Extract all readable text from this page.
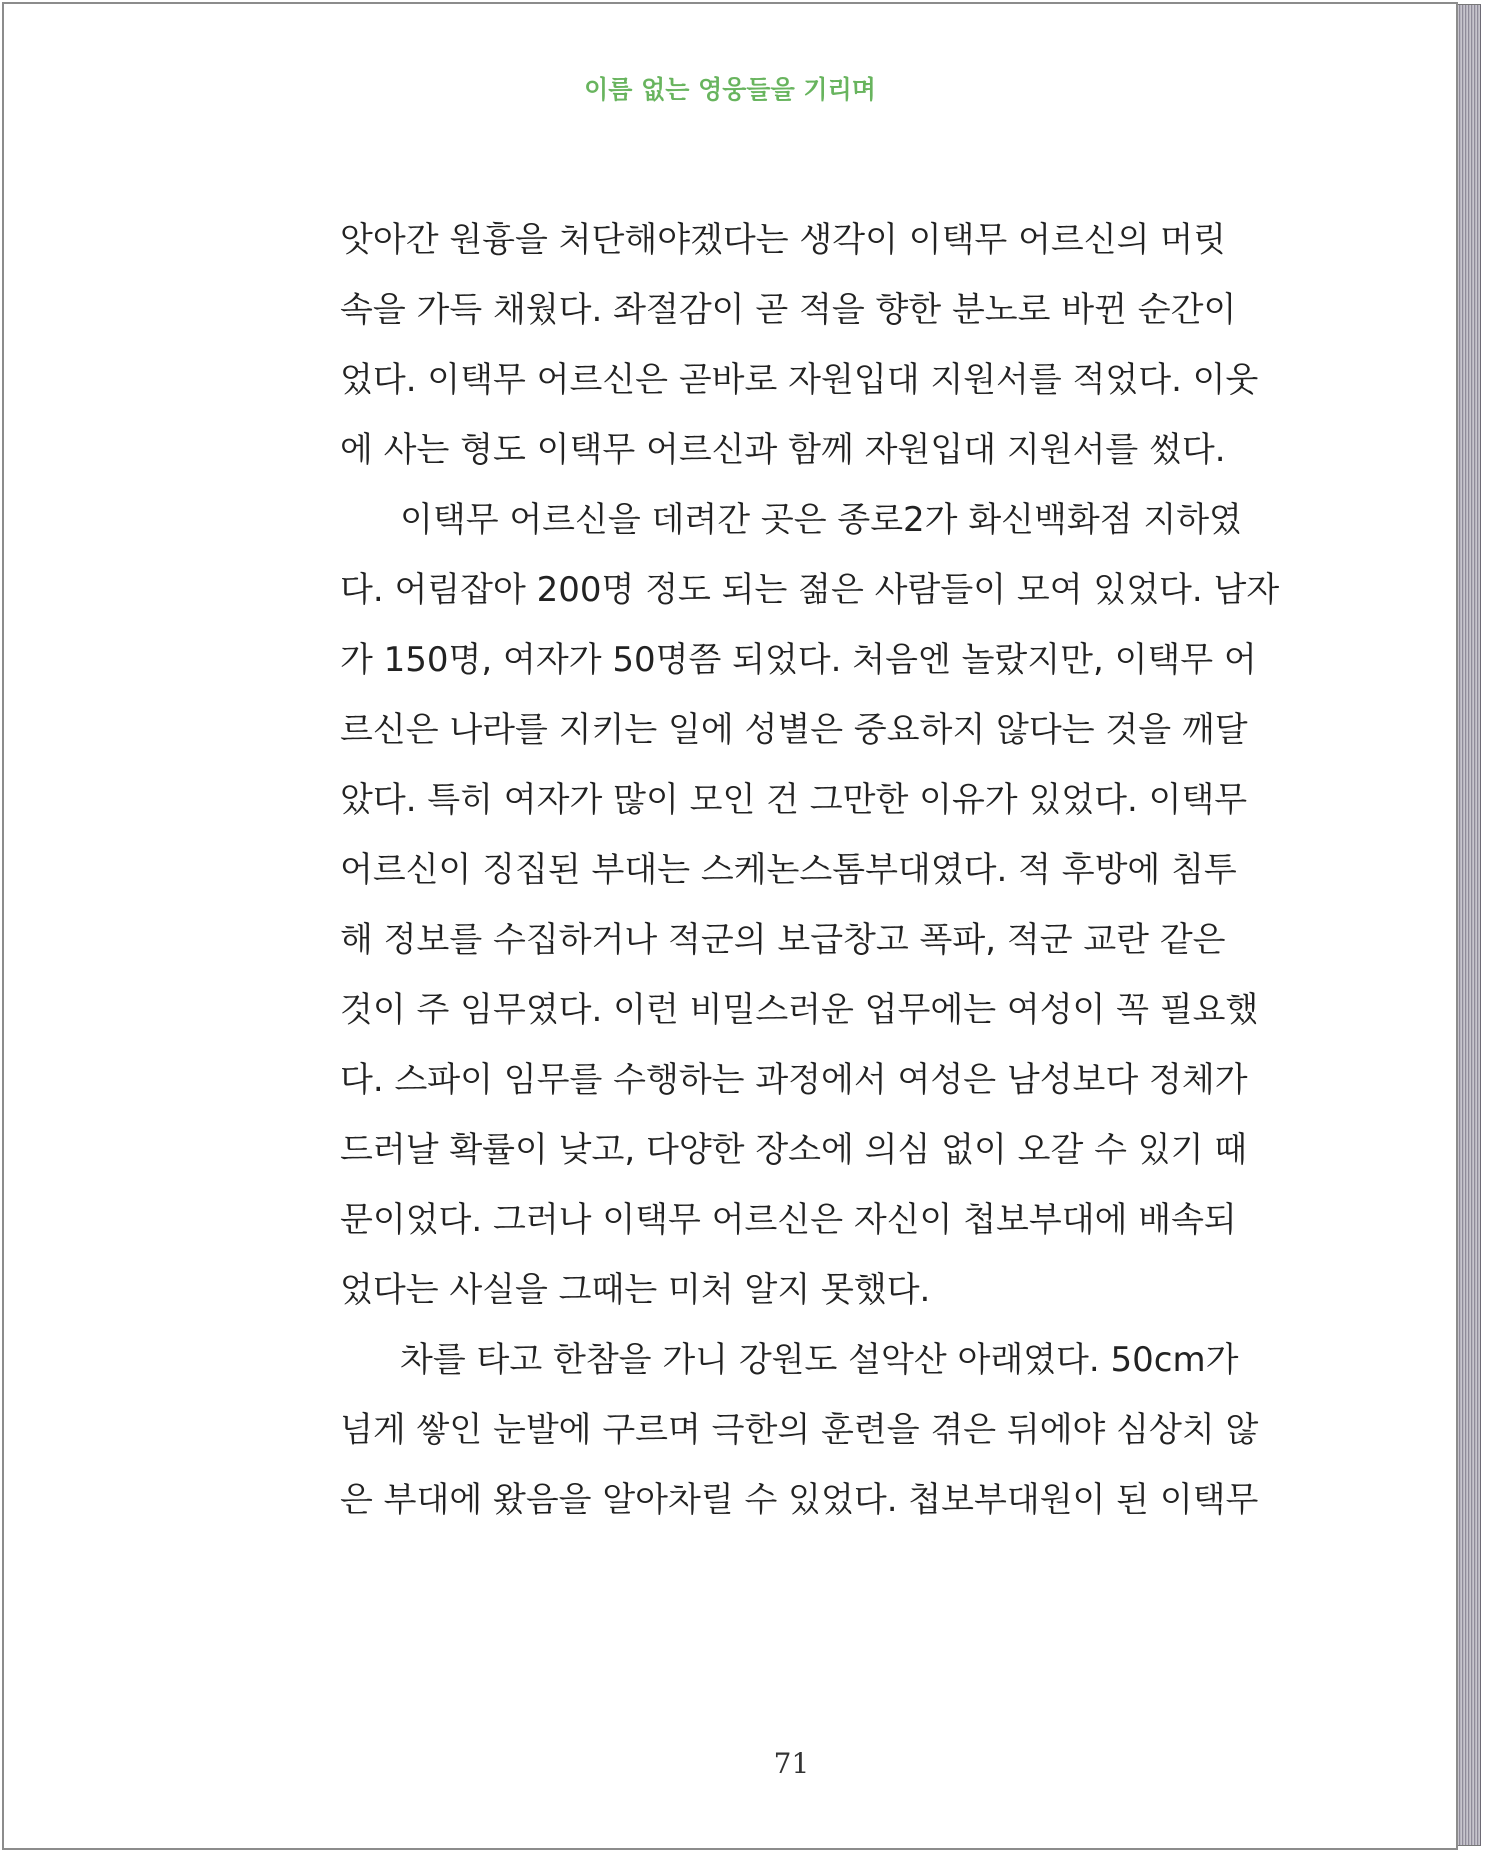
이름 없는 영웅들을 기리며
앗아간 원흉을 처단해야겠다는 생각이 이택무 어르신의 머릿
속을 가득 채웠다. 좌절감이 곧 적을 향한 분노로 바뀐 순간이
었다. 이택무 어르신은 곧바로 자원입대 지원서를 적었다. 이웃
에 사는 형도 이택무 어르신과 함께 자원입대 지원서를 썼다.
이택무 어르신을 데려간 곳은 종로2가 화신백화점 지하였
다. 어림잡아 200명 정도 되는 젊은 사람들이 모여 있었다. 남자
가 150명, 여자가 50명쯤 되었다. 처음엔 놀랐지만, 이택무 어
르신은 나라를 지키는 일에 성별은 중요하지 않다는 것을 깨달
았다. 특히 여자가 많이 모인 건 그만한 이유가 있었다. 이택무
어르신이 징집된 부대는 스케논스톰부대였다. 적 후방에 침투
해 정보를 수집하거나 적군의 보급창고 폭파, 적군 교란 같은
것이 주 임무였다. 이런 비밀스러운 업무에는 여성이 꼭 필요했
다. 스파이 임무를 수행하는 과정에서 여성은 남성보다 정체가
드러날 확률이 낮고, 다양한 장소에 의심 없이 오갈 수 있기 때
문이었다. 그러나 이택무 어르신은 자신이 첩보부대에 배속되
었다는 사실을 그때는 미처 알지 못했다.
차를 타고 한참을 가니 강원도 설악산 아래였다. 50cm가
넘게 쌓인 눈발에 구르며 극한의 훈련을 겪은 뒤에야 심상치 않
은 부대에 왔음을 알아차릴 수 있었다. 첩보부대원이 된 이택무
71
